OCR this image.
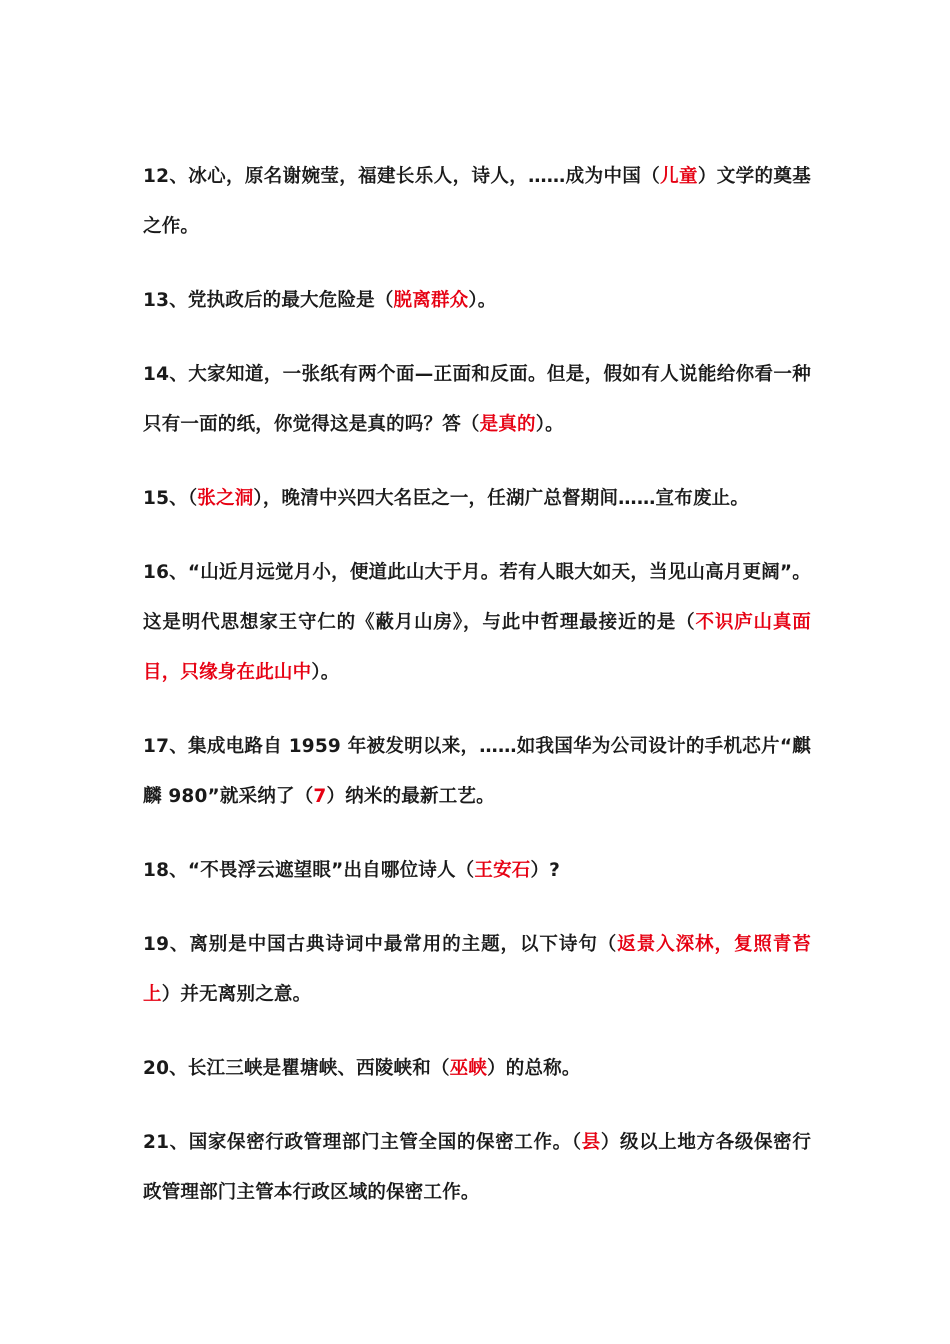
12、冰心，原名谢婉莹，福建长乐人，诗人，……成为中国（儿童）文学的奠基之作。

13、党执政后的最大危险是（脱离群众）。

14、大家知道，一张纸有两个面—正面和反面。但是，假如有人说能给你看一种只有一面的纸，你觉得这是真的吗？答（是真的）。

15、（张之洞），晚清中兴四大名臣之一，任湖广总督期间……宣布废止。

16、“山近月远觉月小，便道此山大于月。若有人眼大如天，当见山高月更阔”。这是明代思想家王守仁的《蔽月山房》，与此中哲理最接近的是（不识庐山真面目，只缘身在此山中）。

17、集成电路自 1959 年被发明以来，……如我国华为公司设计的手机芯片“麒麟 980”就采纳了（7）纳米的最新工艺。

18、“不畏浮云遮望眼”出自哪位诗人（王安石）?

19、离别是中国古典诗词中最常用的主题，以下诗句（返景入深林，复照青苔上）并无离别之意。

20、长江三峡是瞿塘峡、西陵峡和（巫峡）的总称。

21、国家保密行政管理部门主管全国的保密工作。（县）级以上地方各级保密行政管理部门主管本行政区域的保密工作。
